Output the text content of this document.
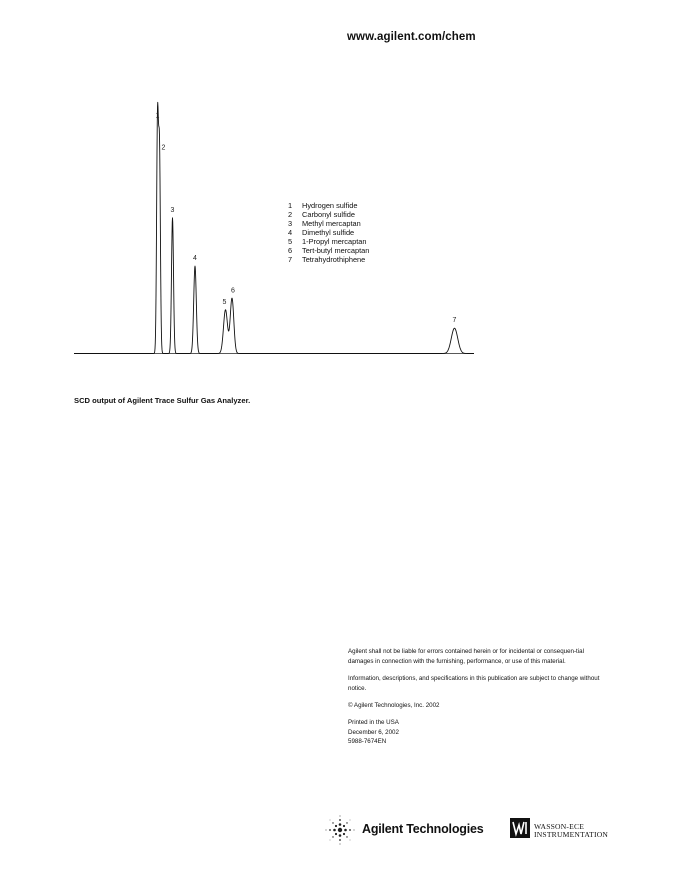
www.agilent.com/chem
1
2
3
4
5
6
7
1	Hydrogen sulfide
2	Carbonyl sulfide
3	Methyl mercaptan
4	Dimethyl sulfide
5	1-Propyl mercaptan
6	Tert-butyl mercaptan
7	Tetrahydrothiphene
SCD output of Agilent Trace Sulfur Gas Analyzer.

Agilent shall not be liable for errors contained herein or for incidental or consequen-tial damages in connection with the furnishing, performance, or use of this material.

Information, descriptions, and specifications in this publication are subject to change without notice.

© Agilent Technologies, Inc. 2002

Printed in the USA
December 6, 2002
5988-7674EN
Agilent Technologies	WASSON-ECE
INSTRUMENTATION
